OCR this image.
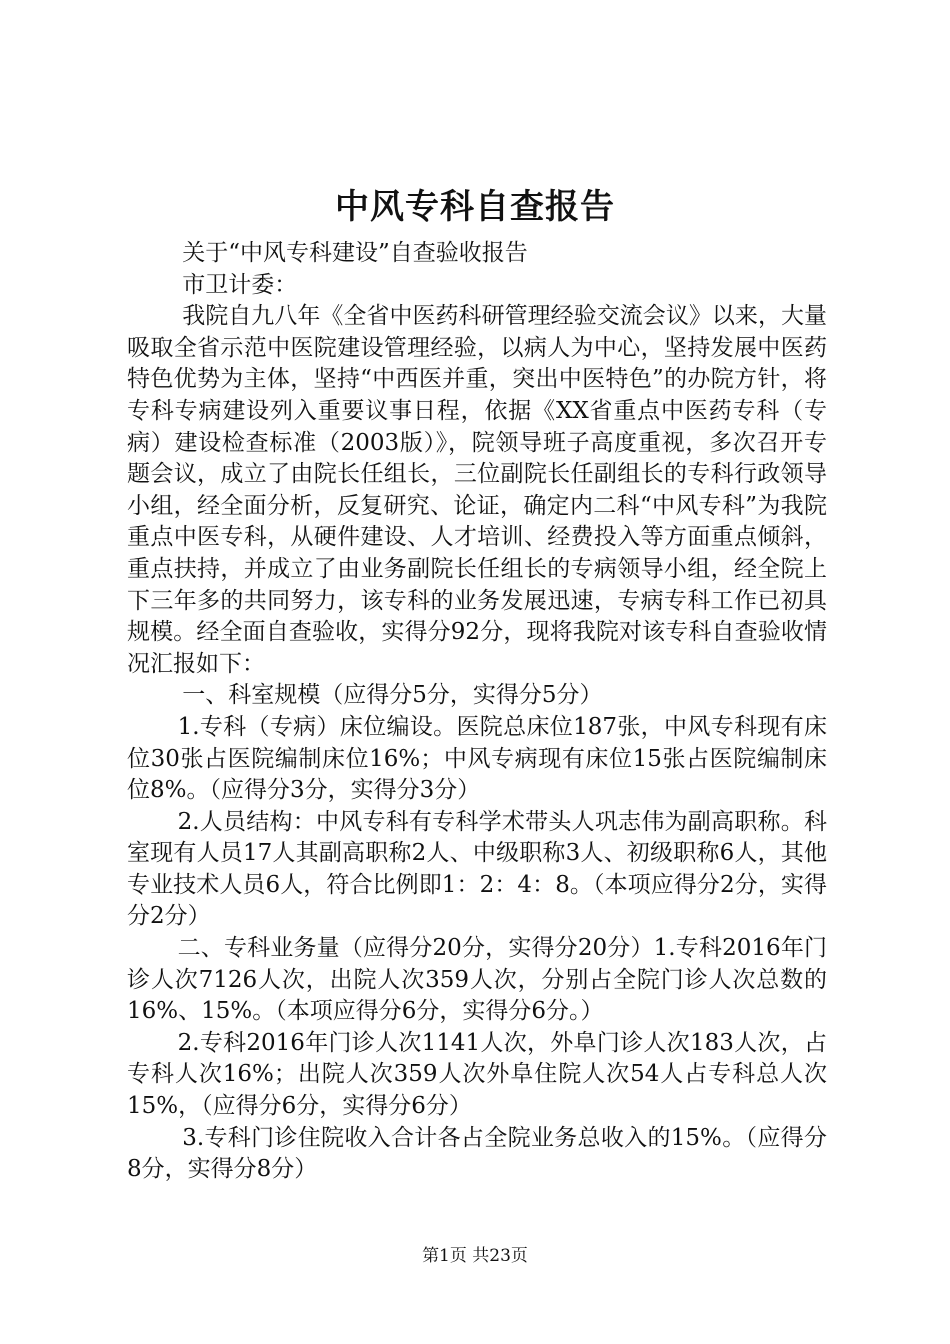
中风专科自查报告

关于“中风专科建设”自查验收报告

市卫计委：

我院自九八年《全省中医药科研管理经验交流会议》以来，大量吸取全省示范中医院建设管理经验，以病人为中心，坚持发展中医药特色优势为主体，坚持“中西医并重，突出中医特色”的办院方针，将专科专病建设列入重要议事日程，依据《XX省重点中医药专科（专病）建设检查标准（2003版）》，院领导班子高度重视，多次召开专题会议，成立了由院长任组长，三位副院长任副组长的专科行政领导小组，经全面分析，反复研究、论证，确定内二科“中风专科”为我院重点中医专科，从硬件建设、人才培训、经费投入等方面重点倾斜，重点扶持，并成立了由业务副院长任组长的专病领导小组，经全院上下三年多的共同努力，该专科的业务发展迅速，专病专科工作已初具规模。经全面自查验收，实得分92分，现将我院对该专科自查验收情况汇报如下：

一、科室规模（应得分5分，实得分5分）

1.专科（专病）床位编设。医院总床位187张，中风专科现有床位30张占医院编制床位16%；中风专病现有床位15张占医院编制床位8%。（应得分3分，实得分3分）

2.人员结构：中风专科有专科学术带头人巩志伟为副高职称。科室现有人员17人其副高职称2人、中级职称3人、初级职称6人，其他专业技术人员6人，符合比例即1：2：4：8。（本项应得分2分，实得分2分）

二、专科业务量（应得分20分，实得分20分）1.专科2016年门诊人次7126人次，出院人次359人次，分别占全院门诊人次总数的16%、15%。（本项应得分6分，实得分6分。）

2.专科2016年门诊人次1141人次，外阜门诊人次183人次，占专科人次16%；出院人次359人次外阜住院人次54人占专科总人次15%，（应得分6分，实得分6分）

3.专科门诊住院收入合计各占全院业务总收入的15%。（应得分8分，实得分8分）

第1页 共23页
